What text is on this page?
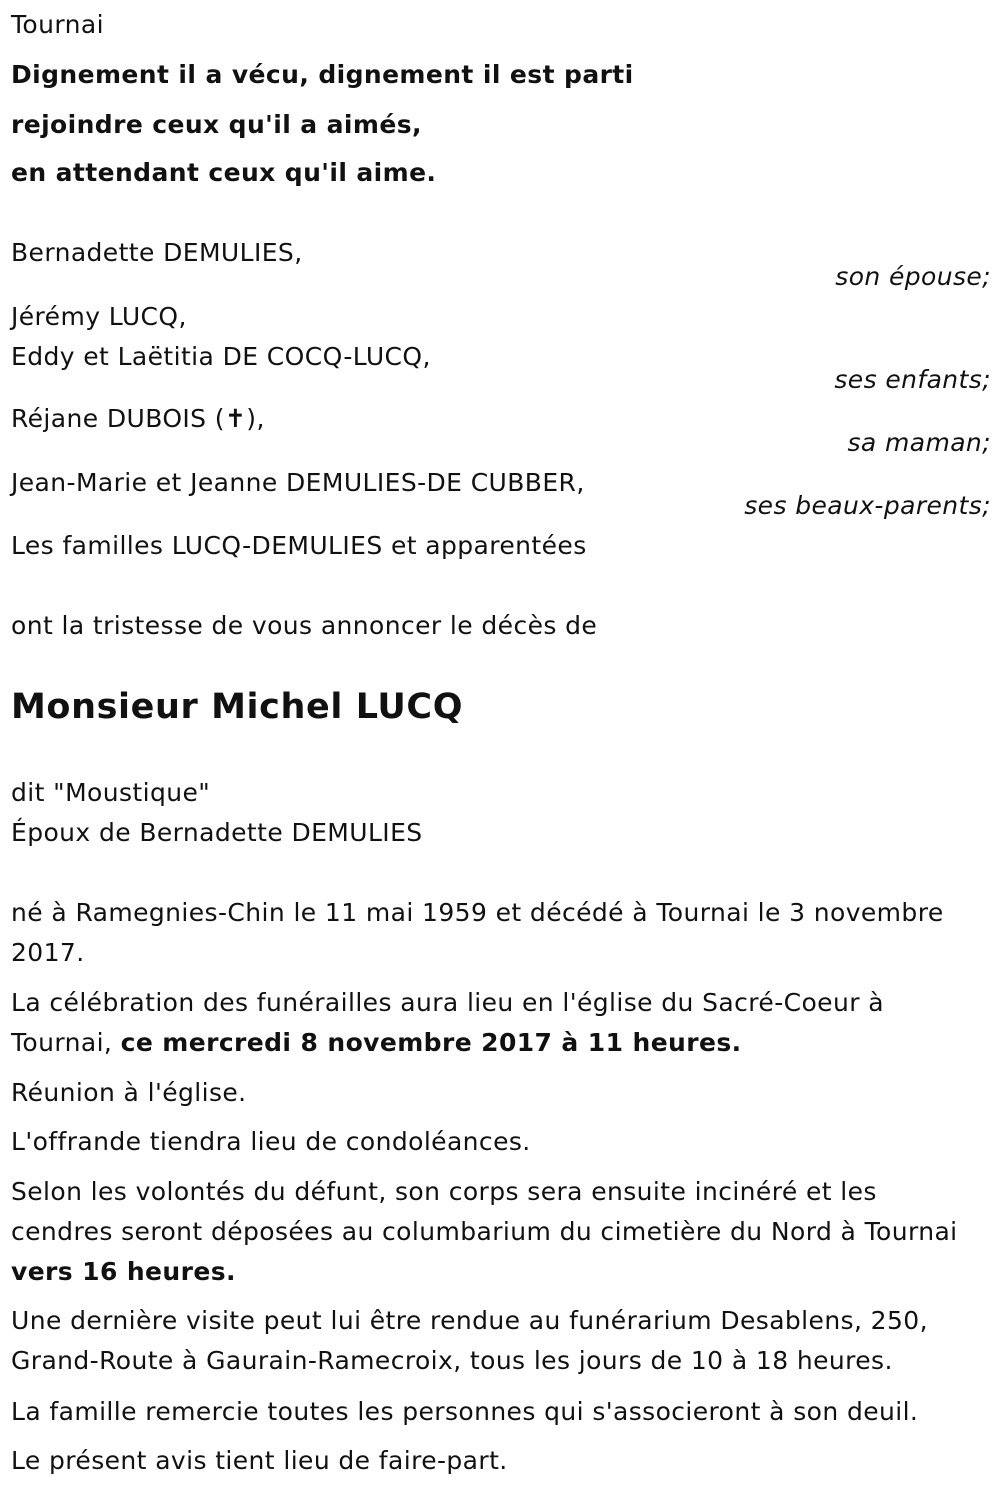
Tournai
Dignement il a vécu, dignement il est parti
rejoindre ceux qu'il a aimés,
en attendant ceux qu'il aime.
Bernadette DEMULIES,
son épouse;
Jérémy LUCQ,
Eddy et Laëtitia DE COCQ-LUCQ,
ses enfants;
Réjane DUBOIS (✝),
sa maman;
Jean-Marie et Jeanne DEMULIES-DE CUBBER,
ses beaux-parents;
Les familles LUCQ-DEMULIES et apparentées
ont la tristesse de vous annoncer le décès de
Monsieur Michel LUCQ
dit "Moustique"
Époux de Bernadette DEMULIES
né à Ramegnies-Chin le 11 mai 1959 et décédé à Tournai le 3 novembre 2017.
La célébration des funérailles aura lieu en l'église du Sacré-Coeur à Tournai, ce mercredi 8 novembre 2017 à 11 heures.
Réunion à l'église.
L'offrande tiendra lieu de condoléances.
Selon les volontés du défunt, son corps sera ensuite incinéré et les cendres seront déposées au columbarium du cimetière du Nord à Tournai vers 16 heures.
Une dernière visite peut lui être rendue au funérarium Desablens, 250, Grand-Route à Gaurain-Ramecroix, tous les jours de 10 à 18 heures.
La famille remercie toutes les personnes qui s'associeront à son deuil.
Le présent avis tient lieu de faire-part.
